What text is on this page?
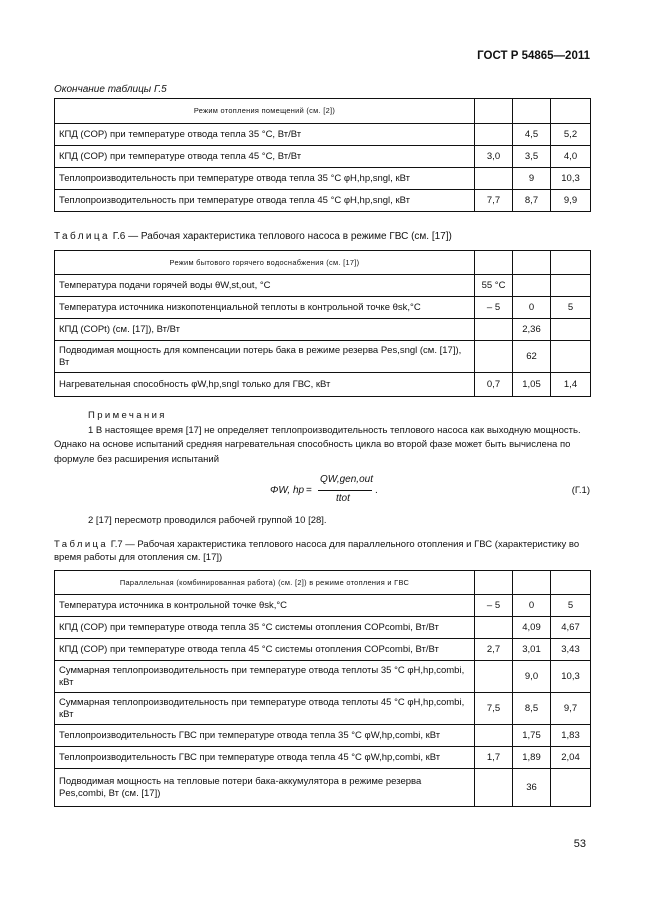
ГОСТ Р 54865—2011
Окончание таблицы Г.5
Режим отопления помещений (см. [2])			
КПД (COP) при температуре отвода тепла 35 °С, Вт/Вт		4,5	5,2
КПД (COP) при температуре отвода тепла 45 °С, Вт/Вт	3,0	3,5	4,0
Теплопроизводительность при температуре отвода тепла 35 °С φH,hp,sngl, кВт		9	10,3
Теплопроизводительность при температуре отвода тепла 45 °С φH,hp,sngl, кВт	7,7	8,7	9,9
Таблица Г.6 — Рабочая характеристика теплового насоса в режиме ГВС (см. [17])
Режим бытового горячего водоснабжения (см. [17])			
Температура подачи горячей воды θW,st,out, °С	55 °С		
Температура источника низкопотенциальной теплоты в контрольной точке θsk,°С	– 5	0	5
КПД (COPt) (см. [17]), Вт/Вт		2,36	
Подводимая мощность для компенсации потерь бака в режиме резерва Pes,sngl (см. [17]), Вт		62	
Нагревательная способность φW,hp,sngl только для ГВС, кВт	0,7	1,05	1,4
Примечания
1 В настоящее время [17] не определяет теплопроизводительность теплового насоса как выходную мощность. Однако на основе испытаний средняя нагревательная способность цикла во второй фазе может быть вычислена по формуле без расширения испытаний
ΦW, hp =
QW,gen,out
ttot
.	(Г.1)
2 [17] пересмотр проводился рабочей группой 10 [28].
Таблица Г.7 — Рабочая характеристика теплового насоса для параллельного отопления и ГВС (характеристику во время работы для отопления см. [17])
Параллельная (комбинированная работа) (см. [2]) в режиме отопления и ГВС			
Температура источника в контрольной точке θsk,°С	– 5	0	5
КПД (COP) при температуре отвода тепла 35 °С системы отопления COPcombi, Вт/Вт		4,09	4,67
КПД (COP) при температуре отвода тепла 45 °С системы отопления COPcombi, Вт/Вт	2,7	3,01	3,43
Суммарная теплопроизводительность при температуре отвода теплоты 35 °С φH,hp,combi, кВт		9,0	10,3
Суммарная теплопроизводительность при температуре отвода теплоты 45 °С φH,hp,combi, кВт	7,5	8,5	9,7
Теплопроизводительность ГВС при температуре отвода тепла 35 °С φW,hp,combi, кВт		1,75	1,83
Теплопроизводительность ГВС при температуре отвода тепла 45 °С φW,hp,combi, кВт	1,7	1,89	2,04
Подводимая мощность на тепловые потери бака-аккумулятора в режиме резерва Pes,combi, Вт (см. [17])		36	
53
